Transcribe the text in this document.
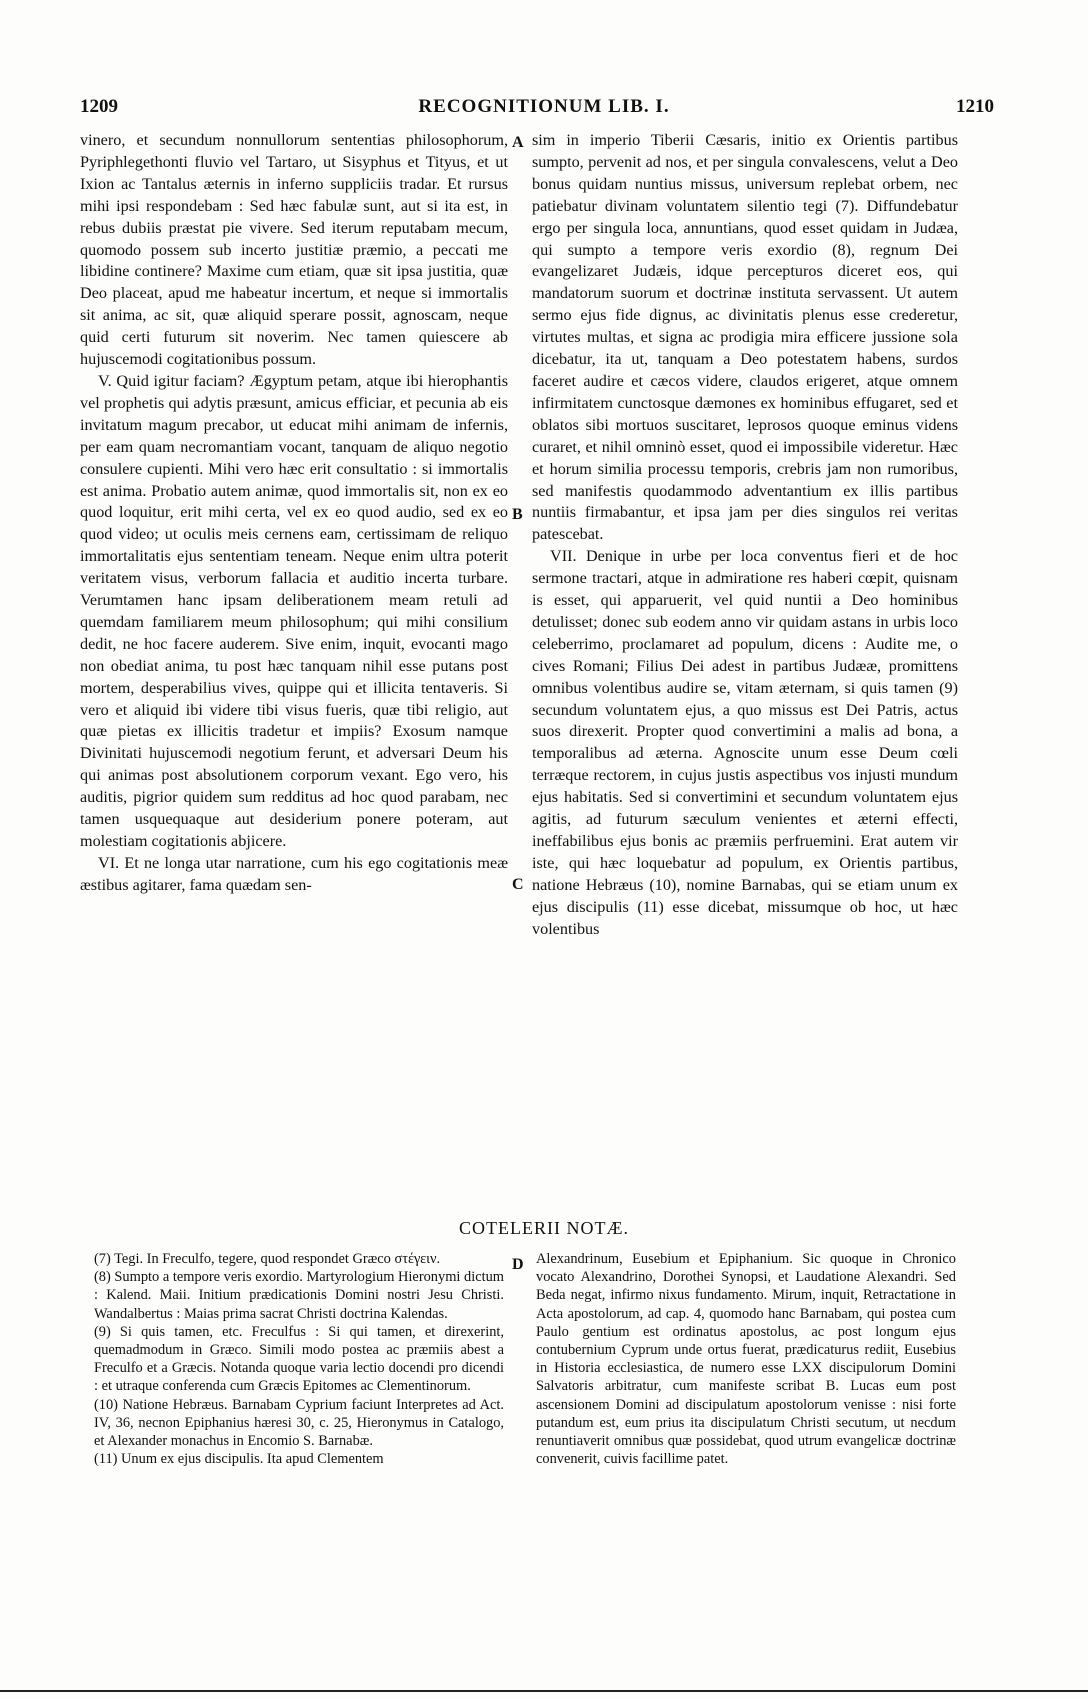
1209	RECOGNITIONUM LIB. I.	1210

vinero, et secundum nonnullorum sententias philosophorum, Pyriphlegethonti fluvio vel Tartaro, ut Sisyphus et Tityus, et ut Ixion ac Tantalus æternis in inferno suppliciis tradar. Et rursus mihi ipsi respondebam : Sed hæc fabulæ sunt, aut si ita est, in rebus dubiis præstat pie vivere. Sed iterum reputabam mecum, quomodo possem sub incerto justitiæ præmio, a peccati me libidine continere? Maxime cum etiam, quæ sit ipsa justitia, quæ Deo placeat, apud me habeatur incertum, et neque si immortalis sit anima, ac sit, quæ aliquid sperare possit, agnoscam, neque quid certi futurum sit noverim. Nec tamen quiescere ab hujuscemodi cogitationibus possum.

V. Quid igitur faciam? Ægyptum petam, atque ibi hierophantis vel prophetis qui adytis præsunt, amicus efficiar, et pecunia ab eis invitatum magum precabor, ut educat mihi animam de infernis, per eam quam necromantiam vocant, tanquam de aliquo negotio consulere cupienti. Mihi vero hæc erit consultatio : si immortalis est anima. Probatio autem animæ, quod immortalis sit, non ex eo quod loquitur, erit mihi certa, vel ex eo quod audio, sed ex eo quod video; ut oculis meis cernens eam, certissimam de reliquo immortalitatis ejus sententiam teneam. Neque enim ultra poterit veritatem visus, verborum fallacia et auditio incerta turbare. Verumtamen hanc ipsam deliberationem meam retuli ad quemdam familiarem meum philosophum; qui mihi consilium dedit, ne hoc facere auderem. Sive enim, inquit, evocanti mago non obediat anima, tu post hæc tanquam nihil esse putans post mortem, desperabilius vives, quippe qui et illicita tentaveris. Si vero et aliquid ibi videre tibi visus fueris, quæ tibi religio, aut quæ pietas ex illicitis tradetur et impiis? Exosum namque Divinitati hujuscemodi negotium ferunt, et adversari Deum his qui animas post absolutionem corporum vexant. Ego vero, his auditis, pigrior quidem sum redditus ad hoc quod parabam, nec tamen usquequaque aut desiderium ponere poteram, aut molestiam cogitationis abjicere.

VI. Et ne longa utar narratione, cum his ego cogitationis meæ æstibus agitarer, fama quædam sen-

sim in imperio Tiberii Cæsaris, initio ex Orientis partibus sumpto, pervenit ad nos, et per singula convalescens, velut a Deo bonus quidam nuntius missus, universum replebat orbem, nec patiebatur divinam voluntatem silentio tegi (7). Diffundebatur ergo per singula loca, annuntians, quod esset quidam in Judæa, qui sumpto a tempore veris exordio (8), regnum Dei evangelizaret Judæis, idque percepturos diceret eos, qui mandatorum suorum et doctrinæ instituta servassent. Ut autem sermo ejus fide dignus, ac divinitatis plenus esse crederetur, virtutes multas, et signa ac prodigia mira efficere jussione sola dicebatur, ita ut, tanquam a Deo potestatem habens, surdos faceret audire et cæcos videre, claudos erigeret, atque omnem infirmitatem cunctosque dæmones ex hominibus effugaret, sed et oblatos sibi mortuos suscitaret, leprosos quoque eminus videns curaret, et nihil omninò esset, quod ei impossibile videretur. Hæc et horum similia processu temporis, crebris jam non rumoribus, sed manifestis quodammodo adventantium ex illis partibus nuntiis firmabantur, et ipsa jam per dies singulos rei veritas patescebat.

VII. Denique in urbe per loca conventus fieri et de hoc sermone tractari, atque in admiratione res haberi cœpit, quisnam is esset, qui apparuerit, vel quid nuntii a Deo hominibus detulisset; donec sub eodem anno vir quidam astans in urbis loco celeberrimo, proclamaret ad populum, dicens : Audite me, o cives Romani; Filius Dei adest in partibus Judææ, promittens omnibus volentibus audire se, vitam æternam, si quis tamen (9) secundum voluntatem ejus, a quo missus est Dei Patris, actus suos direxerit. Propter quod convertimini a malis ad bona, a temporalibus ad æterna. Agnoscite unum esse Deum cœli terræque rectorem, in cujus justis aspectibus vos injusti mundum ejus habitatis. Sed si convertimini et secundum voluntatem ejus agitis, ad futurum sæculum venientes et æterni effecti, ineffabilibus ejus bonis ac præmiis perfruemini. Erat autem vir iste, qui hæc loquebatur ad populum, ex Orientis partibus, natione Hebræus (10), nomine Barnabas, qui se etiam unum ex ejus discipulis (11) esse dicebat, missumque ob hoc, ut hæc volentibus

A
B
C
D
COTELERII NOTÆ.

(7) Tegi. In Freculfo, tegere, quod respondet Græco στέγειν.

(8) Sumpto a tempore veris exordio. Martyrologium Hieronymi dictum : Kalend. Maii. Initium prædicationis Domini nostri Jesu Christi. Wandalbertus : Maias prima sacrat Christi doctrina Kalendas.

(9) Si quis tamen, etc. Freculfus : Si qui tamen, et direxerint, quemadmodum in Græco. Simili modo postea ac præmiis abest a Freculfo et a Græcis. Notanda quoque varia lectio docendi pro dicendi : et utraque conferenda cum Græcis Epitomes ac Clementinorum.

(10) Natione Hebræus. Barnabam Cyprium faciunt Interpretes ad Act. IV, 36, necnon Epiphanius hæresi 30, c. 25, Hieronymus in Catalogo, et Alexander monachus in Encomio S. Barnabæ.

(11) Unum ex ejus discipulis. Ita apud Clementem

Alexandrinum, Eusebium et Epiphanium. Sic quoque in Chronico vocato Alexandrino, Dorothei Synopsi, et Laudatione Alexandri. Sed Beda negat, infirmo nixus fundamento. Mirum, inquit, Retractatione in Acta apostolorum, ad cap. 4, quomodo hanc Barnabam, qui postea cum Paulo gentium est ordinatus apostolus, ac post longum ejus contubernium Cyprum unde ortus fuerat, prædicaturus rediit, Eusebius in Historia ecclesiastica, de numero esse LXX discipulorum Domini Salvatoris arbitratur, cum manifeste scribat B. Lucas eum post ascensionem Domini ad discipulatum apostolorum venisse : nisi forte putandum est, eum prius ita discipulatum Christi secutum, ut necdum renuntiaverit omnibus quæ possidebat, quod utrum evangelicæ doctrinæ convenerit, cuivis facillime patet.
